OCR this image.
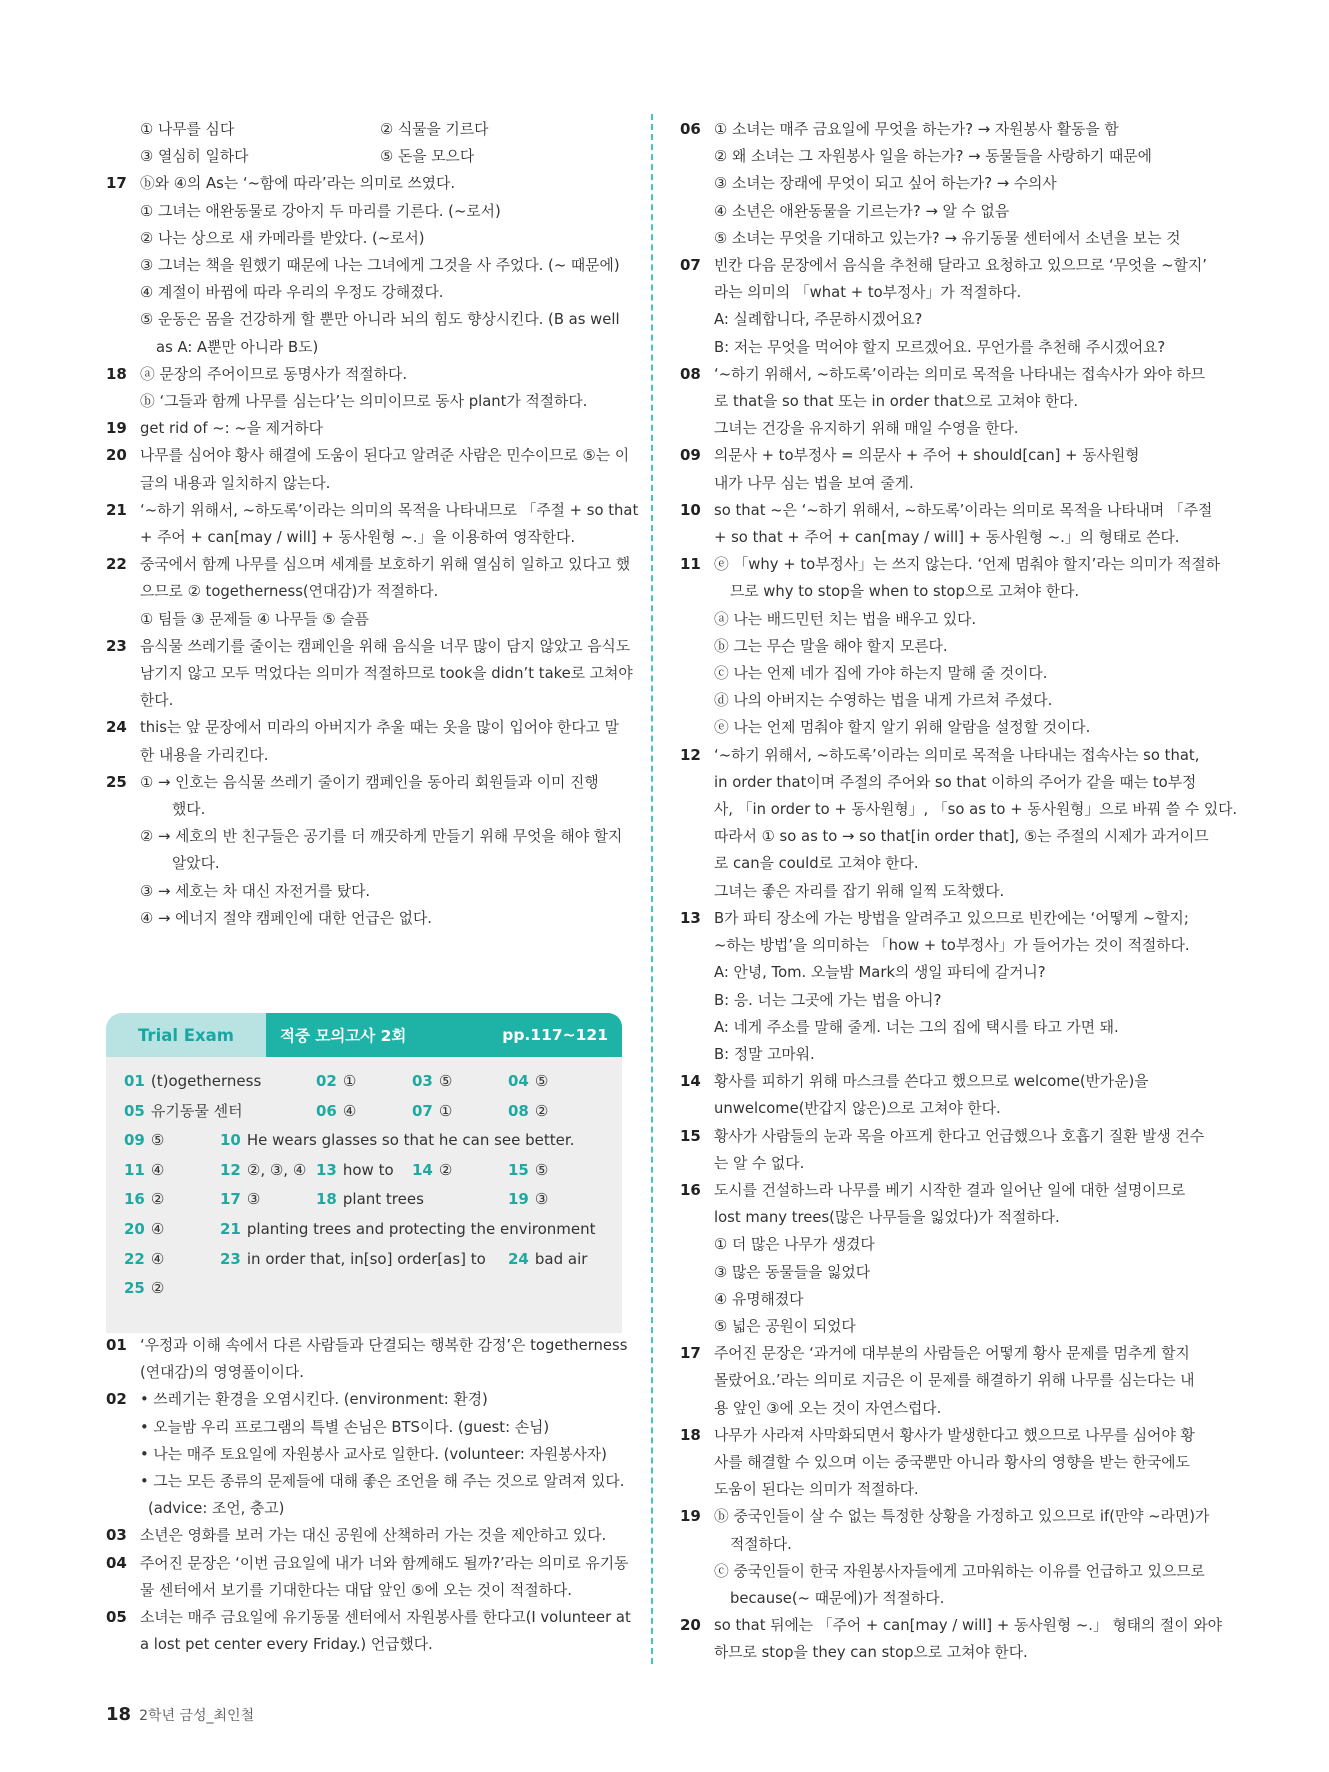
① 나무를 심다	② 식물을 기르다
③ 열심히 일하다	⑤ 돈을 모으다
17 ⓑ와 ④의 As는 ‘~함에 따라’라는 의미로 쓰였다.
① 그녀는 애완동물로 강아지 두 마리를 기른다. (~로서)
② 나는 상으로 새 카메라를 받았다. (~로서)
③ 그녀는 책을 원했기 때문에 나는 그녀에게 그것을 사 주었다. (~ 때문에)
④ 계절이 바뀜에 따라 우리의 우정도 강해졌다.
⑤ 운동은 몸을 건강하게 할 뿐만 아니라 뇌의 힘도 향상시킨다. (B as well
as A: A뿐만 아니라 B도)
18 ⓐ 문장의 주어이므로 동명사가 적절하다.
ⓑ ‘그들과 함께 나무를 심는다’는 의미이므로 동사 plant가 적절하다.
19 get rid of ~: ~을 제거하다
20 나무를 심어야 황사 해결에 도움이 된다고 알려준 사람은 민수이므로 ⑤는 이
글의 내용과 일치하지 않는다.
21 ‘~하기 위해서, ~하도록’이라는 의미의 목적을 나타내므로 「주절 + so that
+ 주어 + can[may / will] + 동사원형 ~.」을 이용하여 영작한다.
22 중국에서 함께 나무를 심으며 세계를 보호하기 위해 열심히 일하고 있다고 했
으므로 ② togetherness(연대감)가 적절하다.
① 팀들 ③ 문제들 ④ 나무들 ⑤ 슬픔
23 음식물 쓰레기를 줄이는 캠페인을 위해 음식을 너무 많이 담지 않았고 음식도
남기지 않고 모두 먹었다는 의미가 적절하므로 took을 didn’t take로 고쳐야
한다.
24 this는 앞 문장에서 미라의 아버지가 추울 때는 옷을 많이 입어야 한다고 말
한 내용을 가리킨다.
25 ① → 인호는 음식물 쓰레기 줄이기 캠페인을 동아리 회원들과 이미 진행
했다.
② → 세호의 반 친구들은 공기를 더 깨끗하게 만들기 위해 무엇을 해야 할지
알았다.
③ → 세호는 차 대신 자전거를 탔다.
④ → 에너지 절약 캠페인에 대한 언급은 없다.
Trial Exam	적중 모의고사 2회	pp.117~121
01 (t)ogetherness	02 ①	03 ⑤	04 ⑤
05 유기동물 센터	06 ④	07 ①	08 ②
09 ⑤	10 He wears glasses so that he can see better.
11 ④	12 ②, ③, ④ 13 how to	14 ②	15 ⑤
16 ②	17 ③	18 plant trees	19 ③
20 ④	21 planting trees and protecting the environment
22 ④	23 in order that, in[so] order[as] to	24 bad air
25 ②
01 ‘우정과 이해 속에서 다른 사람들과 단결되는 행복한 감정’은 togetherness
(연대감)의 영영풀이이다.
02 • 쓰레기는 환경을 오염시킨다. (environment: 환경)
• 오늘밤 우리 프로그램의 특별 손님은 BTS이다. (guest: 손님)
• 나는 매주 토요일에 자원봉사 교사로 일한다. (volunteer: 자원봉사자)
• 그는 모든 종류의 문제들에 대해 좋은 조언을 해 주는 것으로 알려져 있다.
(advice: 조언, 충고)
03 소년은 영화를 보러 가는 대신 공원에 산책하러 가는 것을 제안하고 있다.
04 주어진 문장은 ‘이번 금요일에 내가 너와 함께해도 될까?’라는 의미로 유기동
물 센터에서 보기를 기대한다는 대답 앞인 ⑤에 오는 것이 적절하다.
05 소녀는 매주 금요일에 유기동물 센터에서 자원봉사를 한다고(I volunteer at
a lost pet center every Friday.) 언급했다.
06 ① 소녀는 매주 금요일에 무엇을 하는가? → 자원봉사 활동을 함
② 왜 소녀는 그 자원봉사 일을 하는가? → 동물들을 사랑하기 때문에
③ 소녀는 장래에 무엇이 되고 싶어 하는가? → 수의사
④ 소년은 애완동물을 기르는가? → 알 수 없음
⑤ 소녀는 무엇을 기대하고 있는가? → 유기동물 센터에서 소년을 보는 것
07 빈칸 다음 문장에서 음식을 추천해 달라고 요청하고 있으므로 ‘무엇을 ~할지’
라는 의미의 「what + to부정사」가 적절하다.
A: 실례합니다, 주문하시겠어요?
B: 저는 무엇을 먹어야 할지 모르겠어요. 무언가를 추천해 주시겠어요?
08 ‘~하기 위해서, ~하도록’이라는 의미로 목적을 나타내는 접속사가 와야 하므
로 that을 so that 또는 in order that으로 고쳐야 한다.
그녀는 건강을 유지하기 위해 매일 수영을 한다.
09 의문사 + to부정사 = 의문사 + 주어 + should[can] + 동사원형
내가 나무 심는 법을 보여 줄게.
10 so that ~은 ‘~하기 위해서, ~하도록’이라는 의미로 목적을 나타내며 「주절
+ so that + 주어 + can[may / will] + 동사원형 ~.」의 형태로 쓴다.
11 ⓔ 「why + to부정사」는 쓰지 않는다. ‘언제 멈춰야 할지’라는 의미가 적절하
므로 why to stop을 when to stop으로 고쳐야 한다.
ⓐ 나는 배드민턴 치는 법을 배우고 있다.
ⓑ 그는 무슨 말을 해야 할지 모른다.
ⓒ 나는 언제 네가 집에 가야 하는지 말해 줄 것이다.
ⓓ 나의 아버지는 수영하는 법을 내게 가르쳐 주셨다.
ⓔ 나는 언제 멈춰야 할지 알기 위해 알람을 설정할 것이다.
12 ‘~하기 위해서, ~하도록’이라는 의미로 목적을 나타내는 접속사는 so that,
in order that이며 주절의 주어와 so that 이하의 주어가 같을 때는 to부정
사, 「in order to + 동사원형」, 「so as to + 동사원형」으로 바꿔 쓸 수 있다.
따라서 ① so as to → so that[in order that], ⑤는 주절의 시제가 과거이므
로 can을 could로 고쳐야 한다.
그녀는 좋은 자리를 잡기 위해 일찍 도착했다.
13 B가 파티 장소에 가는 방법을 알려주고 있으므로 빈칸에는 ‘어떻게 ~할지;
~하는 방법’을 의미하는 「how + to부정사」가 들어가는 것이 적절하다.
A: 안녕, Tom. 오늘밤 Mark의 생일 파티에 갈거니?
B: 응. 너는 그곳에 가는 법을 아니?
A: 네게 주소를 말해 줄게. 너는 그의 집에 택시를 타고 가면 돼.
B: 정말 고마워.
14 황사를 피하기 위해 마스크를 쓴다고 했으므로 welcome(반가운)을
unwelcome(반갑지 않은)으로 고쳐야 한다.
15 황사가 사람들의 눈과 목을 아프게 한다고 언급했으나 호흡기 질환 발생 건수
는 알 수 없다.
16 도시를 건설하느라 나무를 베기 시작한 결과 일어난 일에 대한 설명이므로
lost many trees(많은 나무들을 잃었다)가 적절하다.
① 더 많은 나무가 생겼다
③ 많은 동물들을 잃었다
④ 유명해졌다
⑤ 넓은 공원이 되었다
17 주어진 문장은 ‘과거에 대부분의 사람들은 어떻게 황사 문제를 멈추게 할지
몰랐어요.’라는 의미로 지금은 이 문제를 해결하기 위해 나무를 심는다는 내
용 앞인 ③에 오는 것이 자연스럽다.
18 나무가 사라져 사막화되면서 황사가 발생한다고 했으므로 나무를 심어야 황
사를 해결할 수 있으며 이는 중국뿐만 아니라 황사의 영향을 받는 한국에도
도움이 된다는 의미가 적절하다.
19 ⓑ 중국인들이 살 수 없는 특정한 상황을 가정하고 있으므로 if(만약 ~라면)가
적절하다.
ⓒ 중국인들이 한국 자원봉사자들에게 고마워하는 이유를 언급하고 있으므로
because(~ 때문에)가 적절하다.
20 so that 뒤에는 「주어 + can[may / will] + 동사원형 ~.」 형태의 절이 와야
하므로 stop을 they can stop으로 고쳐야 한다.
18 2학년 금성_최인철
